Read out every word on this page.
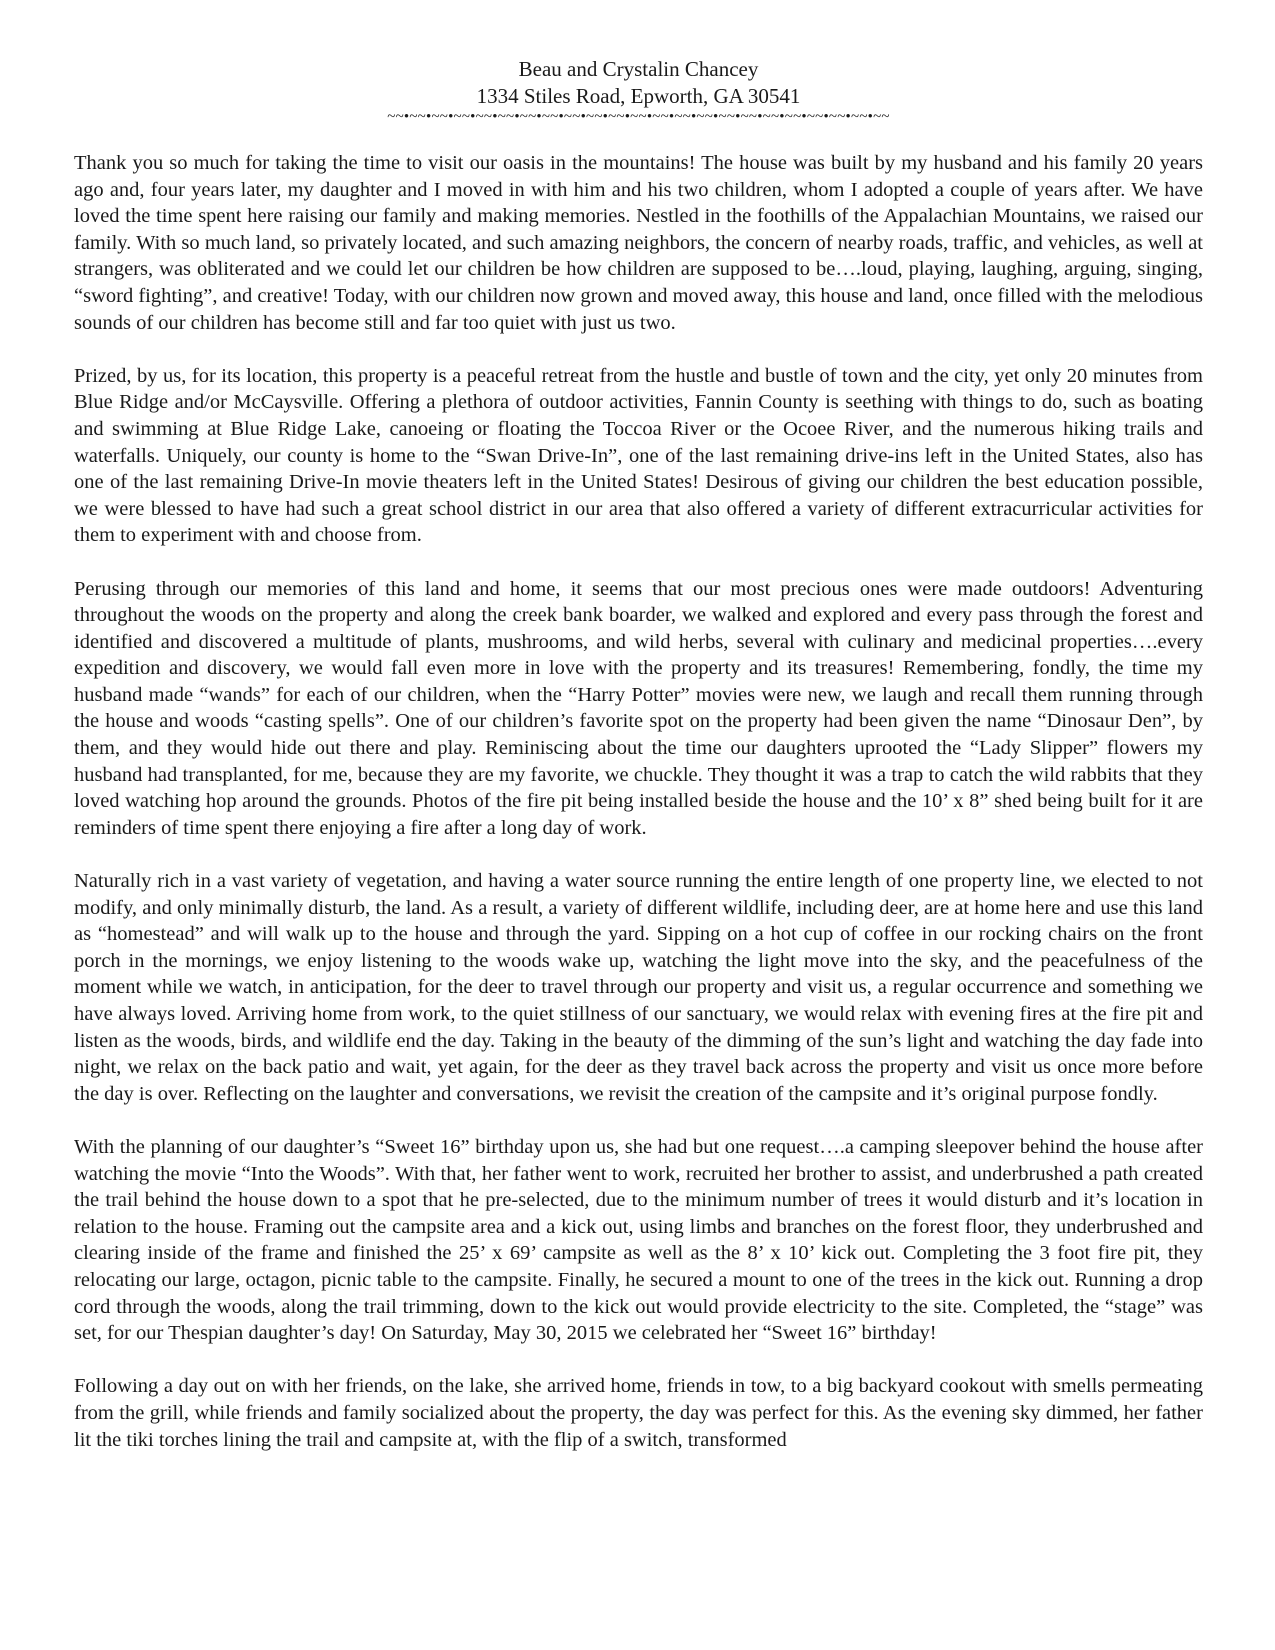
Beau and Crystalin Chancey
1334 Stiles Road, Epworth, GA 30541
~~•~~•~~•~~•~~•~~•~~•~~•~~•~~•~~•~~•~~•~~•~~•~~•~~•~~•~~•~~•~~•~~•~~

Thank you so much for taking the time to visit our oasis in the mountains! The house was built by my husband and his family 20 years ago and, four years later, my daughter and I moved in with him and his two children, whom I adopted a couple of years after. We have loved the time spent here raising our family and making memories. Nestled in the foothills of the Appalachian Mountains, we raised our family. With so much land, so privately located, and such amazing neighbors, the concern of nearby roads, traffic, and vehicles, as well at strangers, was obliterated and we could let our children be how children are supposed to be….loud, playing, laughing, arguing, singing, “sword fighting”, and creative! Today, with our children now grown and moved away, this house and land, once filled with the melodious sounds of our children has become still and far too quiet with just us two.

Prized, by us, for its location, this property is a peaceful retreat from the hustle and bustle of town and the city, yet only 20 minutes from Blue Ridge and/or McCaysville. Offering a plethora of outdoor activities, Fannin County is seething with things to do, such as boating and swimming at Blue Ridge Lake, canoeing or floating the Toccoa River or the Ocoee River, and the numerous hiking trails and waterfalls. Uniquely, our county is home to the “Swan Drive-In”, one of the last remaining drive-ins left in the United States, also has one of the last remaining Drive-In movie theaters left in the United States! Desirous of giving our children the best education possible, we were blessed to have had such a great school district in our area that also offered a variety of different extracurricular activities for them to experiment with and choose from.

Perusing through our memories of this land and home, it seems that our most precious ones were made outdoors! Adventuring throughout the woods on the property and along the creek bank boarder, we walked and explored and every pass through the forest and identified and discovered a multitude of plants, mushrooms, and wild herbs, several with culinary and medicinal properties….every expedition and discovery, we would fall even more in love with the property and its treasures! Remembering, fondly, the time my husband made “wands” for each of our children, when the “Harry Potter” movies were new, we laugh and recall them running through the house and woods “casting spells”. One of our children’s favorite spot on the property had been given the name “Dinosaur Den”, by them, and they would hide out there and play. Reminiscing about the time our daughters uprooted the “Lady Slipper” flowers my husband had transplanted, for me, because they are my favorite, we chuckle. They thought it was a trap to catch the wild rabbits that they loved watching hop around the grounds. Photos of the fire pit being installed beside the house and the 10’ x 8” shed being built for it are reminders of time spent there enjoying a fire after a long day of work.

Naturally rich in a vast variety of vegetation, and having a water source running the entire length of one property line, we elected to not modify, and only minimally disturb, the land. As a result, a variety of different wildlife, including deer, are at home here and use this land as “homestead” and will walk up to the house and through the yard. Sipping on a hot cup of coffee in our rocking chairs on the front porch in the mornings, we enjoy listening to the woods wake up, watching the light move into the sky, and the peacefulness of the moment while we watch, in anticipation, for the deer to travel through our property and visit us, a regular occurrence and something we have always loved. Arriving home from work, to the quiet stillness of our sanctuary, we would relax with evening fires at the fire pit and listen as the woods, birds, and wildlife end the day. Taking in the beauty of the dimming of the sun’s light and watching the day fade into night, we relax on the back patio and wait, yet again, for the deer as they travel back across the property and visit us once more before the day is over. Reflecting on the laughter and conversations, we revisit the creation of the campsite and it’s original purpose fondly.

With the planning of our daughter’s “Sweet 16” birthday upon us, she had but one request….a camping sleepover behind the house after watching the movie “Into the Woods”. With that, her father went to work, recruited her brother to assist, and underbrushed a path created the trail behind the house down to a spot that he pre-selected, due to the minimum number of trees it would disturb and it’s location in relation to the house. Framing out the campsite area and a kick out, using limbs and branches on the forest floor, they underbrushed and clearing inside of the frame and finished the 25’ x 69’ campsite as well as the 8’ x 10’ kick out. Completing the 3 foot fire pit, they relocating our large, octagon, picnic table to the campsite. Finally, he secured a mount to one of the trees in the kick out. Running a drop cord through the woods, along the trail trimming, down to the kick out would provide electricity to the site. Completed, the “stage” was set, for our Thespian daughter’s day! On Saturday, May 30, 2015 we celebrated her “Sweet 16” birthday!

Following a day out on with her friends, on the lake, she arrived home, friends in tow, to a big backyard cookout with smells permeating from the grill, while friends and family socialized about the property, the day was perfect for this. As the evening sky dimmed, her father lit the tiki torches lining the trail and campsite at, with the flip of a switch, transformed
